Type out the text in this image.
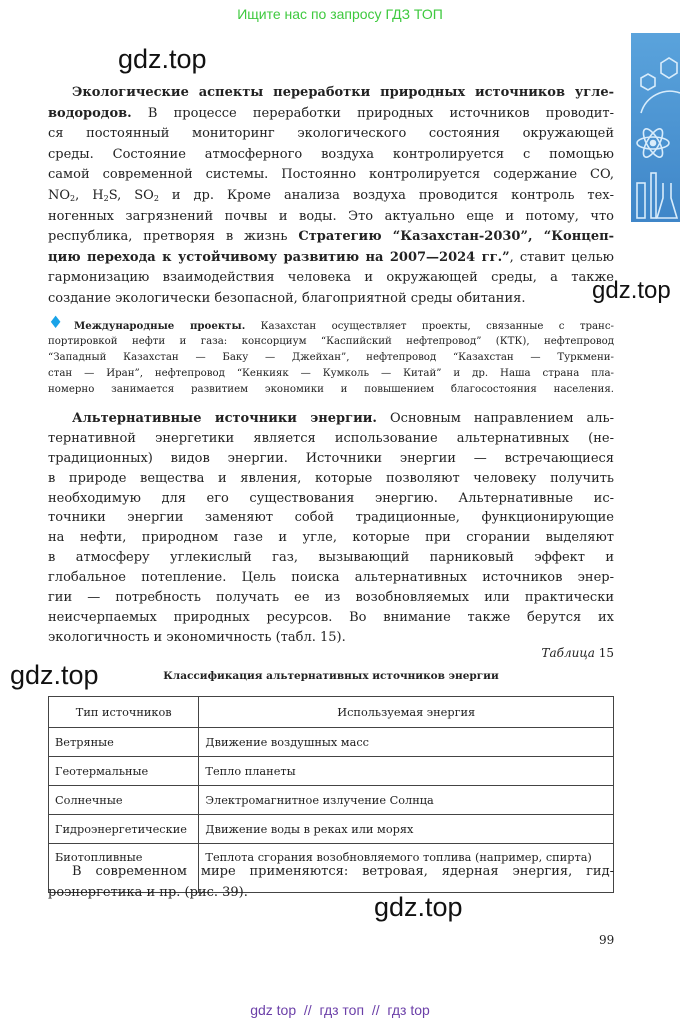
Ищите нас по запросу ГДЗ ТОП
gdz.top
gdz.top
gdz.top
gdz.top
Экологические аспекты переработки природных источников угле-
водородов. В процессе переработки природных источников проводит-
ся постоянный мониторинг экологического состояния окружающей
среды. Состояние атмосферного воздуха контролируется с помощью
самой современной системы. Постоянно контролируется содержание CO,
$NO_2$, $H_2S$, $SO_2$ и др. Кроме анализа воздуха проводится контроль тех-
ногенных загрязнений почвы и воды. Это актуально еще и потому, что
республика, претворяя в жизнь Стратегию “Казахстан-2030”, “Концеп-
цию перехода к устойчивому развитию на 2007—2024 гг.”, ставит целью
гармонизацию взаимодействия человека и окружающей среды, а также
создание экологически безопасной, благоприятной среды обитания.
♦	Международные проекты. Казахстан осуществляет проекты, связанные с транс-
портировкой нефти и газа: консорциум “Каспийский нефтепровод” (КТК), нефтепровод
“Западный Казахстан — Баку — Джейхан”, нефтепровод “Казахстан — Туркмени-
стан — Иран”, нефтепровод “Кенкияк — Кумколь — Китай” и др. Наша страна пла-
номерно занимается развитием экономики и повышением благосостояния населения.
Альтернативные источники энергии. Основным направлением аль-
тернативной энергетики является использование альтернативных (не-
традиционных) видов энергии. Источники энергии — встречающиеся
в природе вещества и явления, которые позволяют человеку получить
необходимую для его существования энергию. Альтернативные ис-
точники энергии заменяют собой традиционные, функционирующие
на нефти, природном газе и угле, которые при сгорании выделяют
в атмосферу углекислый газ, вызывающий парниковый эффект и
глобальное потепление. Цель поиска альтернативных источников энер-
гии — потребность получать ее из возобновляемых или практически
неисчерпаемых природных ресурсов. Во внимание также берутся их
экологичность и экономичность (табл. 15).
Таблица 15
Классификация альтернативных источников энергии
Тип источников	Используемая энергия
Ветряные	Движение воздушных масс
Геотермальные	Тепло планеты
Солнечные	Электромагнитное излучение Солнца
Гидроэнергетические	Движение воды в реках или морях
Биотопливные	Теплота сгорания возобновляемого топлива (например, спирта)
В современном мире применяются: ветровая, ядерная энергия, гид-
роэнергетика и пр. (рис. 39).
99
gdz top  //  гдз топ  //  гдз top
